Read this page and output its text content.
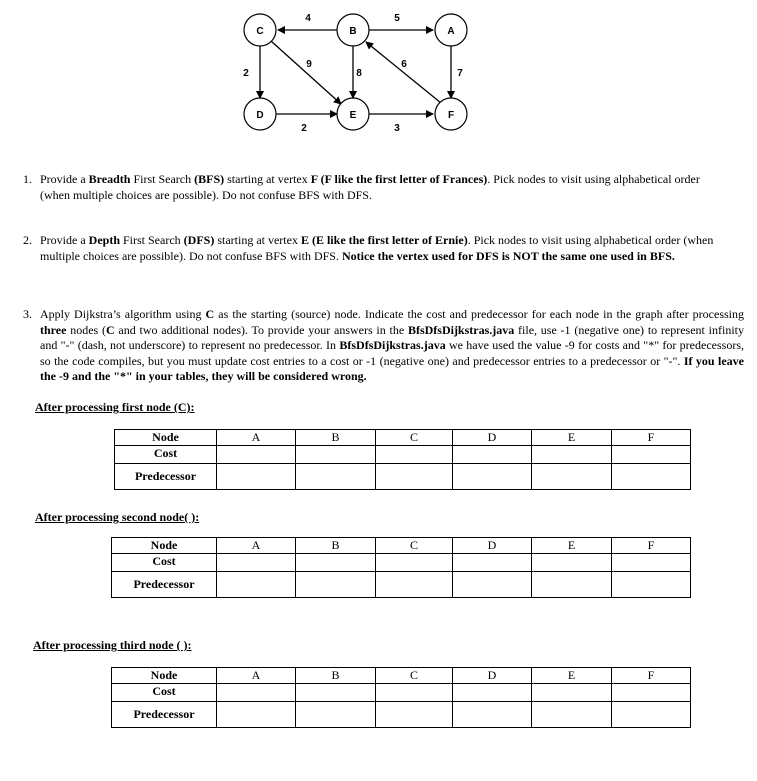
C	B	A
D	E	F
4	5
9
8
6
2	7
2	3
1. Provide a Breadth First Search (BFS) starting at vertex F (F like the first letter of Frances). Pick nodes to visit using alphabetical order (when multiple choices are possible). Do not confuse BFS with DFS.
2. Provide a Depth First Search (DFS) starting at vertex E (E like the first letter of Ernie). Pick nodes to visit using alphabetical order (when multiple choices are possible). Do not confuse BFS with DFS. Notice the vertex used for DFS is NOT the same one used in BFS.
3. Apply Dijkstra’s algorithm using C as the starting (source) node. Indicate the cost and predecessor for each node in the graph after processing three nodes (C and two additional nodes). To provide your answers in the BfsDfsDijkstras.java file, use -1 (negative one) to represent infinity and "-" (dash, not underscore) to represent no predecessor. In BfsDfsDijkstras.java we have used the value -9 for costs and "*" for predecessors, so the code compiles, but you must update cost entries to a cost or -1 (negative one) and predecessor entries to a predecessor or "-". If you leave the -9 and the "*" in your tables, they will be considered wrong.
After processing first node (C):
Node	A	B	C	D	E	F
Cost						
Predecessor						
After processing second node( ):
Node	A	B	C	D	E	F
Cost						
Predecessor						
After processing third node ( ):
Node	A	B	C	D	E	F
Cost						
Predecessor						
